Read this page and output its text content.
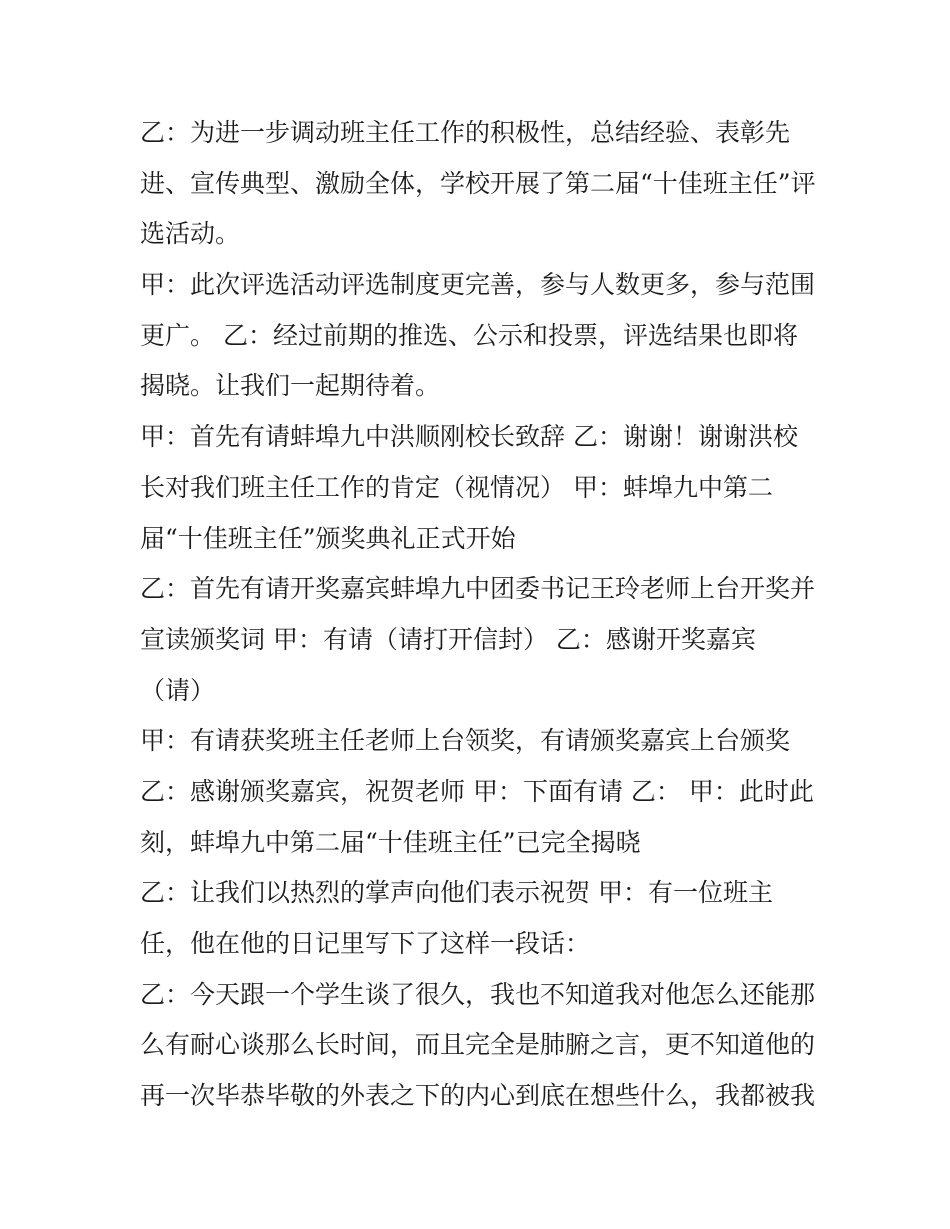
乙：为进一步调动班主任工作的积极性，总结经验、表彰先
进、宣传典型、激励全体，学校开展了第二届“十佳班主任”评
选活动。
甲：此次评选活动评选制度更完善，参与人数更多，参与范围
更广。 乙：经过前期的推选、公示和投票，评选结果也即将
揭晓。让我们一起期待着。
甲：首先有请蚌埠九中洪顺刚校长致辞 乙：谢谢！谢谢洪校
长对我们班主任工作的肯定（视情况） 甲：蚌埠九中第二
届“十佳班主任”颁奖典礼正式开始
乙：首先有请开奖嘉宾蚌埠九中团委书记王玲老师上台开奖并
宣读颁奖词 甲：有请（请打开信封） 乙：感谢开奖嘉宾
（请）
甲：有请获奖班主任老师上台领奖，有请颁奖嘉宾上台颁奖
乙：感谢颁奖嘉宾，祝贺老师 甲：下面有请 乙： 甲：此时此
刻，蚌埠九中第二届“十佳班主任”已完全揭晓
乙：让我们以热烈的掌声向他们表示祝贺 甲：有一位班主
任，他在他的日记里写下了这样一段话：
乙：今天跟一个学生谈了很久，我也不知道我对他怎么还能那
么有耐心谈那么长时间，而且完全是肺腑之言，更不知道他的
再一次毕恭毕敬的外表之下的内心到底在想些什么，我都被我
